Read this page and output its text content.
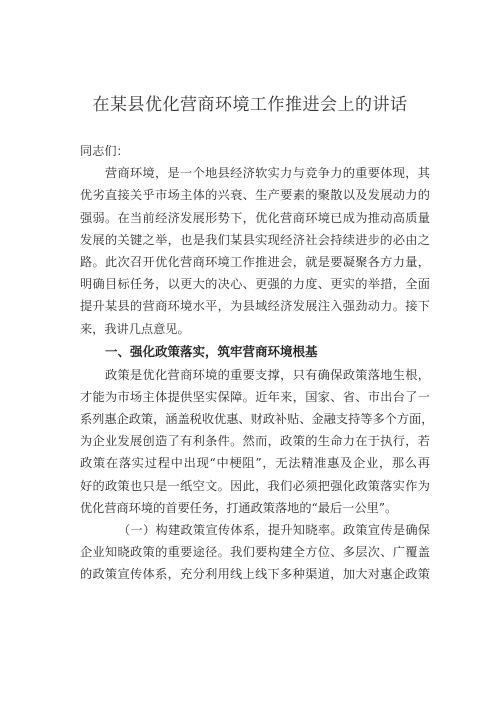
在某县优化营商环境工作推进会上的讲话
同志们：
营商环境，是一个地县经济软实力与竞争力的重要体现，其
优劣直接关乎市场主体的兴衰、生产要素的聚散以及发展动力的
强弱。在当前经济发展形势下，优化营商环境已成为推动高质量
发展的关键之举，也是我们某县实现经济社会持续进步的必由之
路。此次召开优化营商环境工作推进会，就是要凝聚各方力量，
明确目标任务，以更大的决心、更强的力度、更实的举措，全面
提升某县的营商环境水平，为县域经济发展注入强劲动力。接下
来，我讲几点意见。
一、强化政策落实，筑牢营商环境根基
政策是优化营商环境的重要支撑，只有确保政策落地生根，
才能为市场主体提供坚实保障。近年来，国家、省、市出台了一
系列惠企政策，涵盖税收优惠、财政补贴、金融支持等多个方面，
为企业发展创造了有利条件。然而，政策的生命力在于执行，若
政策在落实过程中出现“中梗阻”，无法精准惠及企业，那么再
好的政策也只是一纸空文。因此，我们必须把强化政策落实作为
优化营商环境的首要任务，打通政策落地的“最后一公里”。
（一）构建政策宣传体系，提升知晓率。政策宣传是确保
企业知晓政策的重要途径。我们要构建全方位、多层次、广覆盖
的政策宣传体系，充分利用线上线下多种渠道，加大对惠企政策
